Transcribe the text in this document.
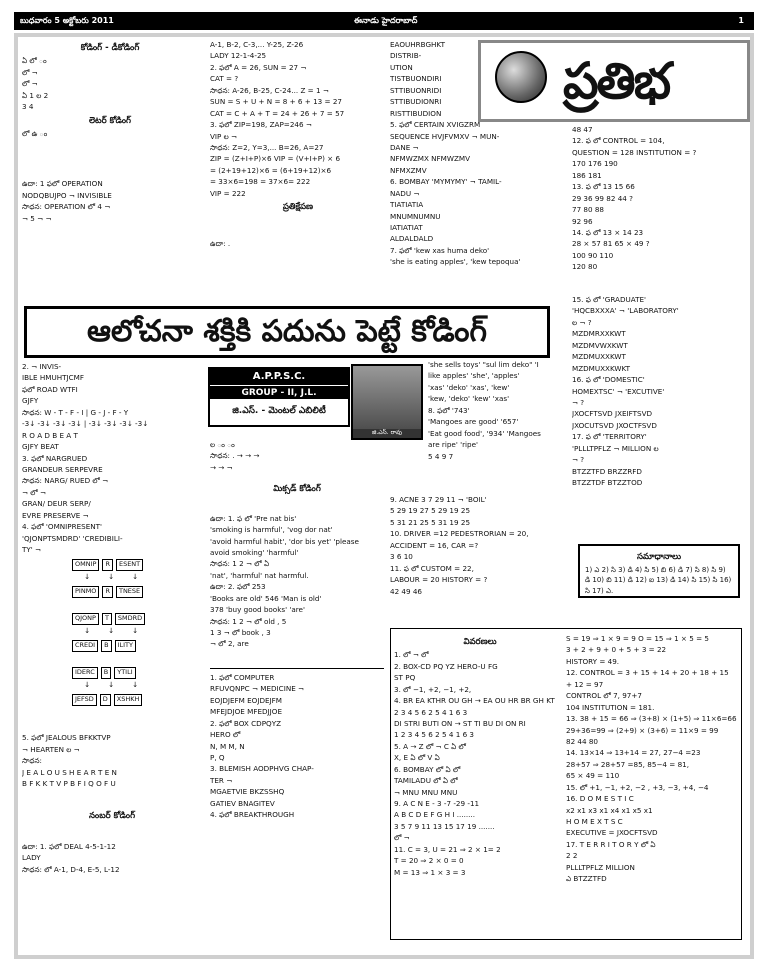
బుధవారం 5 అక్టోబరు 2011	ఈనాడు హైదరాబాద్	1
ప్రతిభ
కోడింగ్ - డీకోడింగ్

ఏ లో ం

లో ¬

లో ¬

ఏ 1 ల 2

3 4

లెటర్ కోడింగ్

లో ఉ ం

ఉదా: 1 ఫలో OPERATION

NODQBUJPO ¬ INVISIBLE

సాధన: OPERATION లో 4 ¬

¬ 5 ¬ ¬

A-1, B-2, C-3,... Y-25, Z-26

LADY 12-1-4-25

2. ఫలో A = 26, SUN = 27 ¬

CAT = ?

సాధన: A-26, B-25, C-24... Z = 1 ¬

SUN = S + U + N = 8 + 6 + 13 = 27

CAT = C + A + T = 24 + 26 + 7 = 57

3. ఫలో ZIP=198, ZAP=246 ¬

VIP ల ¬

సాధన: Z=2, Y=3,... B=26, A=27

ZIP = (Z+I+P)×6 VIP = (V+I+P) × 6

= (2+19+12)×6 = (6+19+12)×6

= 33×6=198 = 37×6= 222

VIP = 222

ప్రతిక్షేపణ
ఉదా: .

EAOUHRBGHKT

DISTRIB-

UTION

TISTBUONDIRI

STTIBUONRIDI

STTIBUDIONRI

RISTTIBUDION

5. ఫలో CERTAIN XVIGZRM

SEQUENCE HVJFVMXV ¬ MUN-

DANE ¬

NFMWZMX NFMWZMV

NFMXZMV

6. BOMBAY 'MYMYMY' ¬ TAMIL-

NADU ¬

TIATIATIA

MNUMNUMNU

IATIATIAT

ALDALDALD

7. ఫలో 'kew xas huma deko'

'she is eating apples', 'kew tepoqua'

48 47

12. ఫ లో CONTROL = 104,

QUESTION = 128 INSTITUTION = ?

170 176 190

186 181

13. ఫ లో 13 15 66

29 36 99 82 44 ?

77 80 88

92 96

14. ఫ లో 13 × 14 23

28 × 57 81 65 × 49 ?

100 90 110

120 80

ఆలోచనా శక్తికి పదును పెట్టే కోడింగ్

2. ¬ INVIS-

IBLE HMUHTJCMF

ఫలో ROAD WTFI

GJFY

సాధన: W - T - F - I | G - J - F - Y

-3↓ -3↓ -3↓ -3↓ | -3↓ -3↓ -3↓ -3↓

R O A D B E A T

GJFY BEAT

3. ఫలో NARGRUED

GRANDEUR SERPEVRE

సాధన: NARG/ RUED లో ¬

¬ లో ¬

GRAN/ DEUR SERP/

EVRE PRESERVE ¬

4. ఫలో 'OMNIPRESENT'

'QJONPTSMDRD' 'CREDIBILI-

TY' ¬

OMNIP R ESENT
↓↓↓
PINMO R TNESE
QJONP T SMDRD
↓↓↓
CREDI B ILITY
IDERC B YTILI
↓↓↓
JEFSD D XSHKH

5. ఫలో JEALOUS BFKKTVP

¬ HEARTEN ల ¬

సాధన:

J E A L O U S H E A R T E N

B F K K T V P B F I Q O F U

నంబర్ కోడింగ్

ఉదా: 1. ఫలో DEAL 4-5-1-12

LADY

సాధన: లో A-1, D-4, E-5, L-12

A.P.P.S.C.
GROUP - II, J.L.
జి.ఎస్. - మెంటల్ ఎబిలిటీ
జి.ఎస్. రావు

ల ం ం

సాధన: . → → →

→ → ¬

మిక్సడ్ కోడింగ్

ఉదా: 1. ఫ లో 'Pre nat bis'

'smoking is harmful', 'vog dor nat'

'avoid harmful habit', 'dor bis yet' 'please

avoid smoking' 'harmful'

సాధన: 1 2 ¬ లో ఏ

'nat', 'harmful' nat harmful.

ఉదా: 2. ఫలో 253

'Books are old' 546 'Man is old'

378 'buy good books' 'are'

సాధన: 1 2 ¬ లో old , 5

1 3 ¬ లో book , 3

¬ లో 2, are

1. ఫలో COMPUTER

RFUVQNPC ¬ MEDICINE ¬

EOJDJEFM EOJDEJFM

MFEJDJOE MFEDJJOE

2. ఫలో BOX CDPQYZ

HERO లో

N, M M, N

P, Q

3. BLEMISH AODPHVG CHAP-

TER ¬

MGAETVIE BKZSSHQ

GATIEV BNAGITEV

4. ఫలో BREAKTHROUGH

'she sells toys' "sul lim deko" 'I

like apples' 'she', 'apples'

'xas' 'deko' 'xas', 'kew'

'kew, 'deko' 'kew' 'xas'

8. ఫలో '743'

'Mangoes are good' '657'

'Eat good food', '934' 'Mangoes

are ripe' 'ripe'

5 4 9 7

9. ACNE 3 7 29 11 ¬ 'BOIL'

5 29 19 27 5 29 19 25

5 31 21 25 5 31 19 25

10. DRIVER =12 PEDESTRORIAN = 20,

ACCIDENT = 16, CAR =?

3 6 10

11. ఫ లో CUSTOM = 22,

LABOUR = 20 HISTORY = ?

42 49 46

15. ఫ లో 'GRADUATE'

'HQCBXXXA' ¬ 'LABORATORY'

ల ¬ ?

MZDMRXXKWT

MZDMVWXKWT

MZDMUXXKWT

MZDMUXXKWKT

16. ఫ లో 'DOMESTIC'

HOMEXTSC' ¬ 'EXCUTIVE'

¬ ?

JXOCFTSVD JXEIFTSVD

JXOCUTSVD JXOCTFSVD

17. ఫ లో 'TERRITORY'

'PLLLTPFLZ ¬ MILLION ల

¬ ?

BTZZTFD BRZZRFD

BTZZTDF BTZZTOD

సమాధానాలు
1) ఎ 2) సి 3) డి 4) సి 5) బి 6) డి 7) సి 8) సి 9) డి 10) బి 11) డి 12) ఐ 13) డి 14) సి 15) సి 16) సి 17) ఎ.
వివరణలు

1. లో ¬ లో

2. BOX-CD PQ YZ HERO-U FG

ST PQ

3. లో −1, +2, −1, +2,

4. BR EA KTHR OU GH → EA OU HR BR GH KT

2 3 4 5 6 2 5 4 1 6 3

DI STRI BUTI ON → ST TI BU DI ON RI

1 2 3 4 5 6 2 5 4 1 6 3

5. A → Z లో ¬ C ఏ లో

X, E ఏ లో V ఏ

6. BOMBAY లో ఏ లో

TAMILADU లో ఏ లో

¬ MNU MNU MNU

9. A C N E - 3 -7 -29 -11

A B C D E F G H I ........

3 5 7 9 11 13 15 17 19 .......

లో ¬

11. C = 3, U = 21 ⇒ 2 × 1= 2

T = 20 ⇒ 2 × 0 = 0

M = 13 ⇒ 1 × 3 = 3

S = 19 ⇒ 1 × 9 = 9 O = 15 ⇒ 1 × 5 = 5

3 + 2 + 9 + 0 + 5 + 3 = 22

HISTORY = 49.

12. CONTROL = 3 + 15 + 14 + 20 + 18 + 15

+ 12 = 97

CONTROL లో 7, 97+7

104 INSTITUTION = 181.

13. 38 + 15 = 66 ⇒ (3+8) × (1+5) ⇒ 11×6=66

29+36=99 ⇒ (2+9) × (3+6) = 11×9 = 99

82 44 80

14. 13×14 ⇒ 13+14 = 27, 27−4 =23

28+57 ⇒ 28+57 =85, 85−4 = 81,

65 × 49 = 110

15. లో +1, −1, +2, −2 , +3, −3, +4, −4

16. D O M E S T I C

x2 x1 x3 x1 x4 x1 x5 x1

H O M E X T S C

EXECUTIVE = JXOCFTSVD

17. T E R R I T O R Y లో ఏ

2 2

PLLLTPFLZ MILLION

ఎ BTZZTFD
